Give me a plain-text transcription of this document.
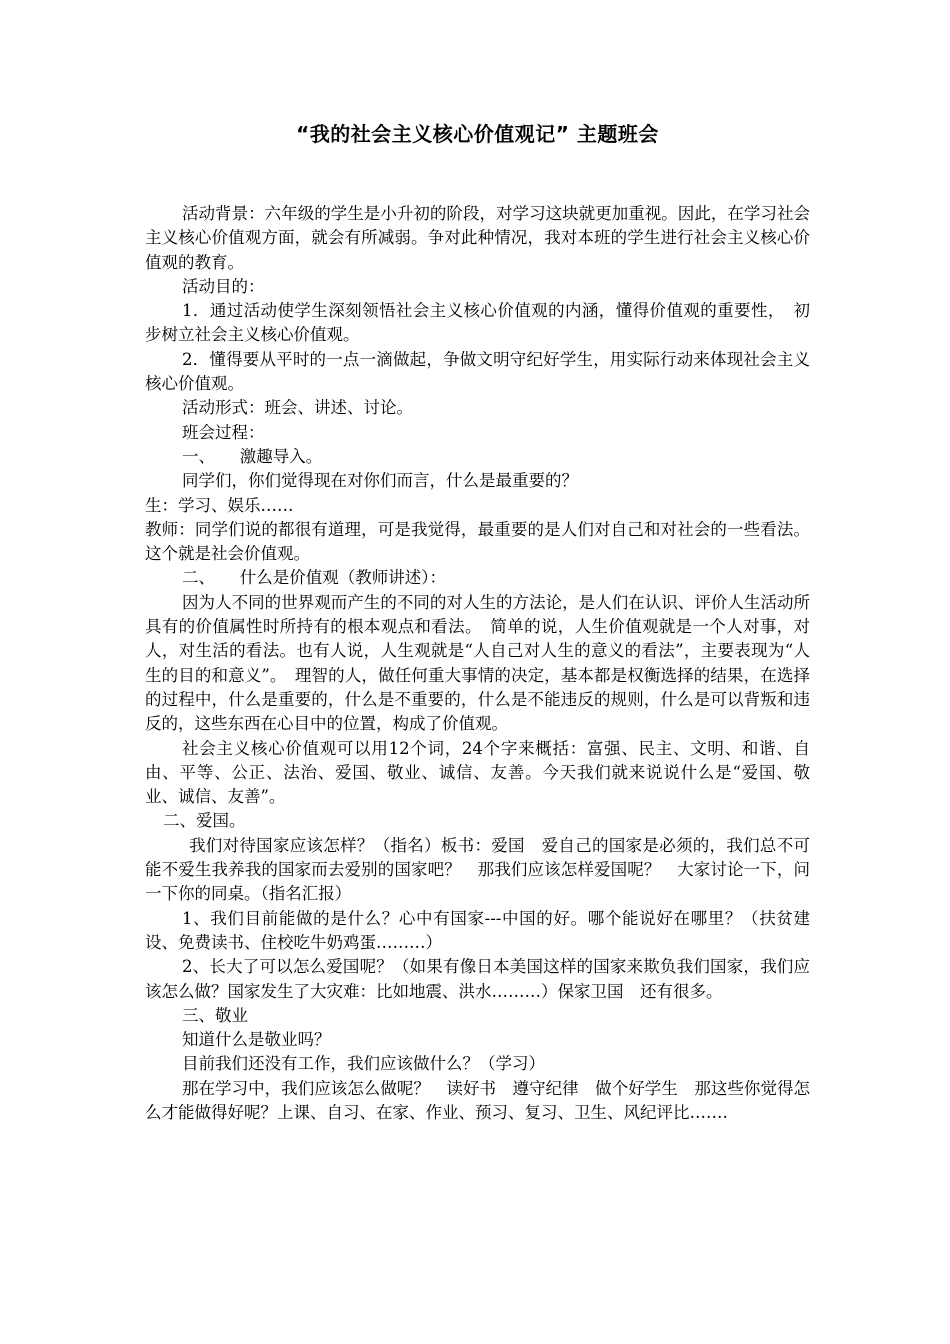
“我的社会主义核心价值观记” 主题班会

活动背景：六年级的学生是小升初的阶段，对学习这块就更加重视。因此，在学习社会主义核心价值观方面，就会有所减弱。争对此种情况，我对本班的学生进行社会主义核心价值观的教育。

活动目的：

1．通过活动使学生深刻领悟社会主义核心价值观的内涵，懂得价值观的重要性，　初步树立社会主义核心价值观。

2．懂得要从平时的一点一滴做起，争做文明守纪好学生，用实际行动来体现社会主义核心价值观。

活动形式：班会、讲述、讨论。

班会过程：

一、　　激趣导入。

同学们，你们觉得现在对你们而言，什么是最重要的？

生：学习、娱乐……

教师：同学们说的都很有道理，可是我觉得，最重要的是人们对自己和对社会的一些看法。这个就是社会价值观。

二、　　什么是价值观（教师讲述）：

因为人不同的世界观而产生的不同的对人生的方法论，是人们在认识、评价人生活动所具有的价值属性时所持有的根本观点和看法。　简单的说，人生价值观就是一个人对事，对人，对生活的看法。也有人说，人生观就是“人自己对人生的意义的看法”，主要表现为“人生的目的和意义”。　理智的人，做任何重大事情的决定，基本都是权衡选择的结果，在选择的过程中，什么是重要的，什么是不重要的，什么是不能违反的规则，什么是可以背叛和违反的，这些东西在心目中的位置，构成了价值观。

社会主义核心价值观可以用12个词，24个字来概括：富强、民主、文明、和谐、自由、平等、公正、法治、爱国、敬业、诚信、友善。今天我们就来说说什么是“爱国、敬业、诚信、友善”。

二、爱国。

我们对待国家应该怎样？（指名）板书：爱国　爱自己的国家是必须的，我们总不可能不爱生我养我的国家而去爱别的国家吧？　那我们应该怎样爱国呢？　大家讨论一下，问一下你的同桌。（指名汇报）

1、我们目前能做的是什么？心中有国家---中国的好。哪个能说好在哪里？（扶贫建设、免费读书、住校吃牛奶鸡蛋………）

2、长大了可以怎么爱国呢？（如果有像日本美国这样的国家来欺负我们国家，我们应该怎么做？国家发生了大灾难：比如地震、洪水………）保家卫国　还有很多。

三、敬业

知道什么是敬业吗？

目前我们还没有工作，我们应该做什么？（学习）

那在学习中，我们应该怎么做呢？　读好书　遵守纪律　做个好学生　那这些你觉得怎么才能做得好呢？上课、自习、在家、作业、预习、复习、卫生、风纪评比…….
